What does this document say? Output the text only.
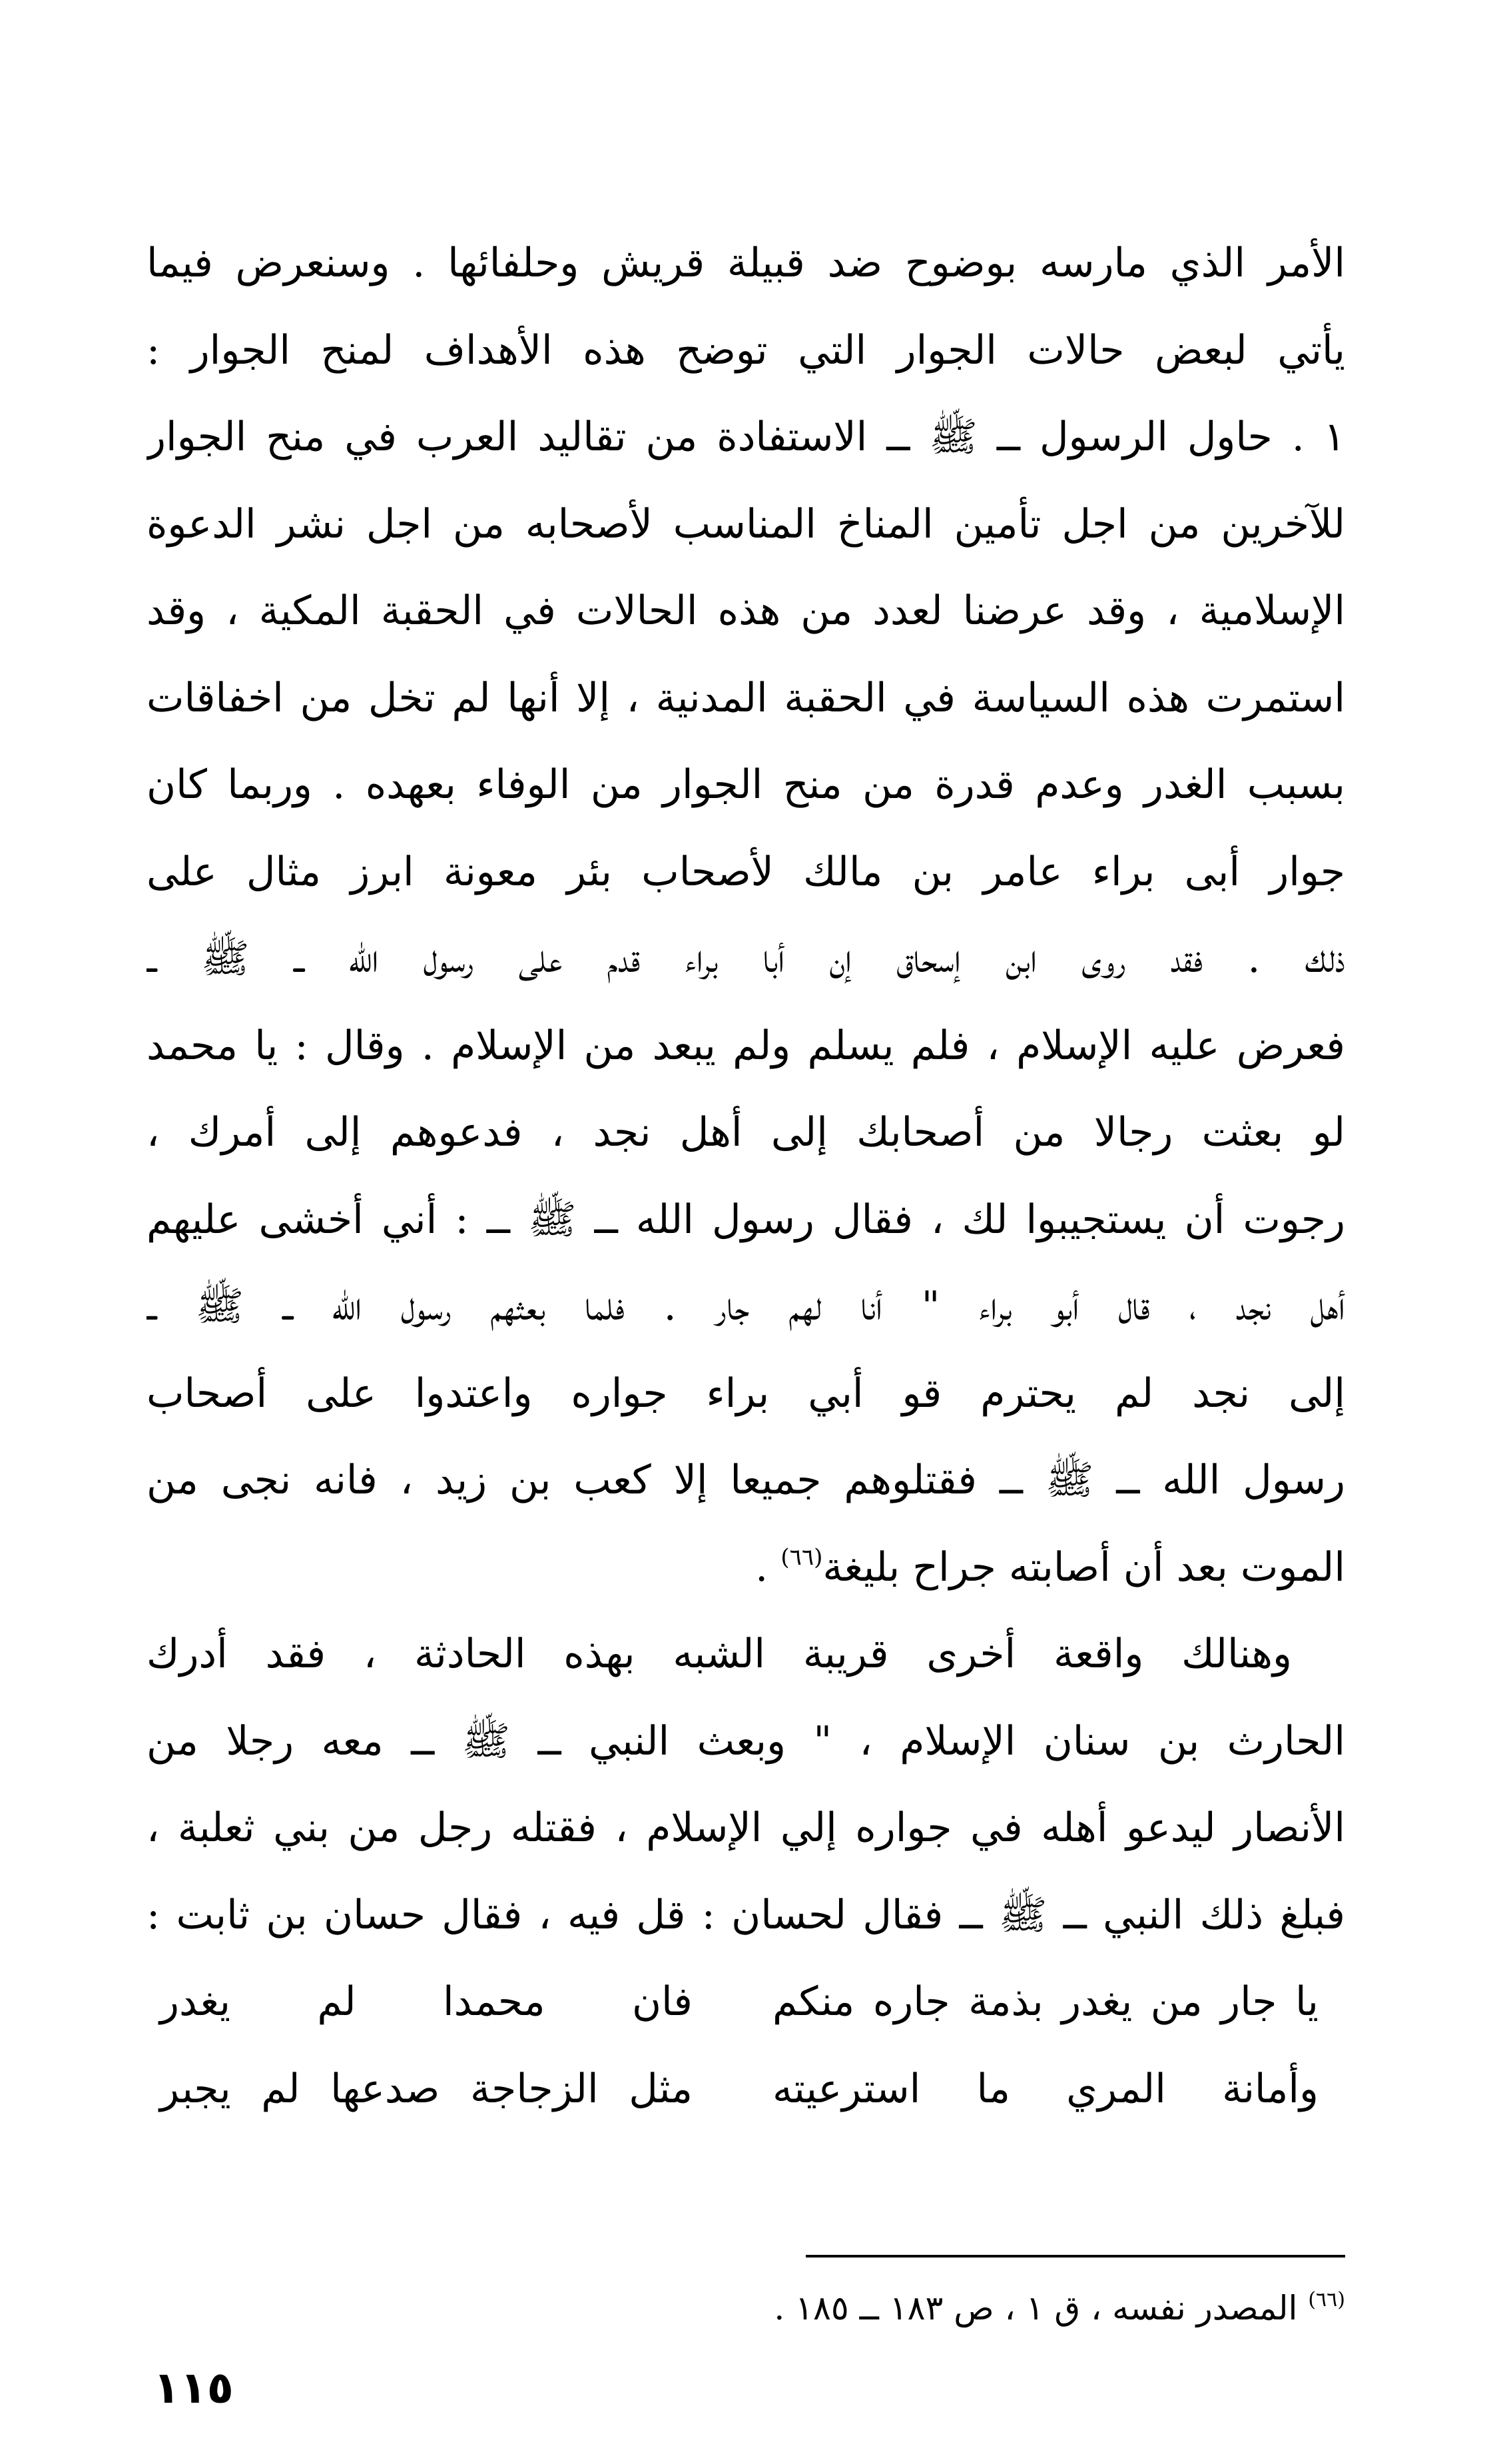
الأمر الذي مارسه بوضوح ضد قبيلة قريش وحلفائها . وسنعرض فيما
يأتي لبعض حالات الجوار التي توضح هذه الأهداف لمنح الجوار :
١ . حاول الرسول ــ ﷺ ــ الاستفادة من تقاليد العرب في منح الجوار
للآخرين من اجل تأمين المناخ المناسب لأصحابه من اجل نشر الدعوة
الإسلامية ، وقد عرضنا لعدد من هذه الحالات في الحقبة المكية ، وقد
استمرت هذه السياسة في الحقبة المدنية ، إلا أنها لم تخل من اخفاقات
بسبب الغدر وعدم قدرة من منح الجوار من الوفاء بعهده . وربما كان
جوار أبى براء عامر بن مالك لأصحاب بئر معونة ابرز مثال على
ذلك . فقد روى ابن إسحاق إن أبا براء قدم على رسول الله ــ ﷺ ــ
فعرض عليه الإسلام ، فلم يسلم ولم يبعد من الإسلام . وقال : يا محمد
لو بعثت رجالا من أصحابك إلى أهل نجد ، فدعوهم إلى أمرك ،
رجوت أن يستجيبوا لك ، فقال رسول الله ــ ﷺ ــ : أني أخشى عليهم
أهل نجد ، قال أبو براء " أنا لهم جار . فلما بعثهم رسول الله ــ ﷺ ــ
إلى نجد لم يحترم قو أبي براء جواره واعتدوا على أصحاب
رسول الله ــ ﷺ ــ فقتلوهم جميعا إلا كعب بن زيد ، فانه نجى من
الموت بعد أن أصابته جراح بليغة$^{(٦٦)}$ .
وهنالك واقعة أخرى قريبة الشبه بهذه الحادثة ، فقد أدرك
الحارث بن سنان الإسلام ، " وبعث النبي ــ ﷺ ــ معه رجلا من
الأنصار ليدعو أهله في جواره إلي الإسلام ، فقتله رجل من بني ثعلبة ،
فبلغ ذلك النبي ــ ﷺ ــ فقال لحسان : قل فيه ، فقال حسان بن ثابت :
يا جار من يغدر بذمة جاره منكم
فان محمدا لم يغدر
وأمانة المري ما استرعيته
مثل الزجاجة صدعها لم يجبر
$^{(٦٦)}$ المصدر نفسه ، ق ١ ، ص ١٨٣ ــ ١٨٥ .
١١٥
